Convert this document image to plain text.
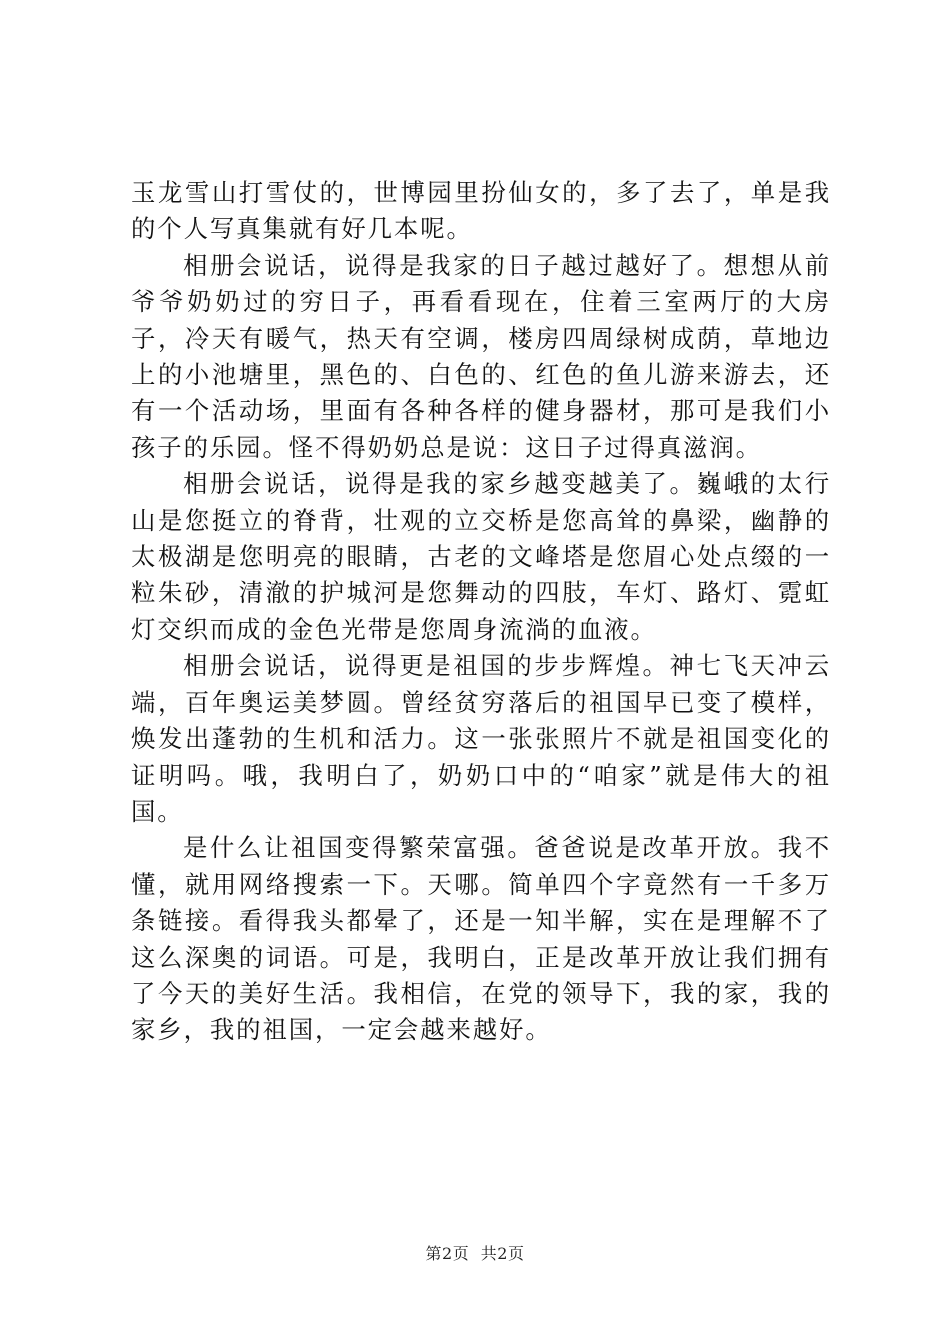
玉龙雪山打雪仗的，世博园里扮仙女的，多了去了，单是我的个人写真集就有好几本呢。

相册会说话，说得是我家的日子越过越好了。想想从前爷爷奶奶过的穷日子，再看看现在，住着三室两厅的大房子，冷天有暖气，热天有空调，楼房四周绿树成荫，草地边上的小池塘里，黑色的、白色的、红色的鱼儿游来游去，还有一个活动场，里面有各种各样的健身器材，那可是我们小孩子的乐园。怪不得奶奶总是说：这日子过得真滋润。

相册会说话，说得是我的家乡越变越美了。巍峨的太行山是您挺立的脊背，壮观的立交桥是您高耸的鼻梁，幽静的太极湖是您明亮的眼睛，古老的文峰塔是您眉心处点缀的一粒朱砂，清澈的护城河是您舞动的四肢，车灯、路灯、霓虹灯交织而成的金色光带是您周身流淌的血液。

相册会说话，说得更是祖国的步步辉煌。神七飞天冲云端，百年奥运美梦圆。曾经贫穷落后的祖国早已变了模样，焕发出蓬勃的生机和活力。这一张张照片不就是祖国变化的证明吗。哦，我明白了，奶奶口中的“咱家”就是伟大的祖国。

是什么让祖国变得繁荣富强。爸爸说是改革开放。我不懂，就用网络搜索一下。天哪。简单四个字竟然有一千多万条链接。看得我头都晕了，还是一知半解，实在是理解不了这么深奥的词语。可是，我明白，正是改革开放让我们拥有了今天的美好生活。我相信，在党的领导下，我的家，我的家乡，我的祖国，一定会越来越好。

第2页 共2页
